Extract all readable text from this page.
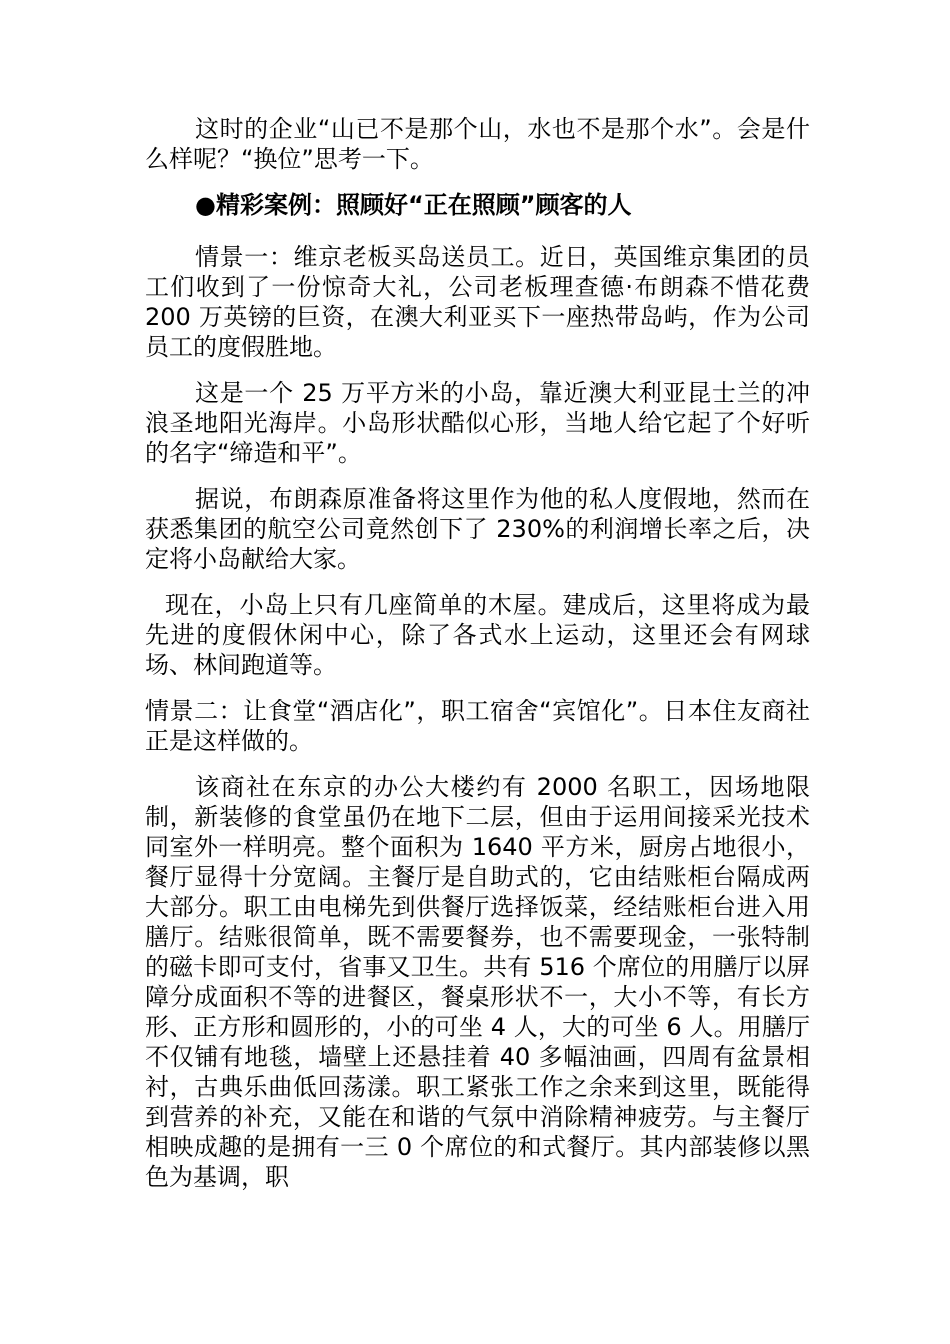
这时的企业“山已不是那个山，水也不是那个水”。会是什么样呢？“换位”思考一下。

●精彩案例：照顾好“正在照顾”顾客的人

情景一：维京老板买岛送员工。近日，英国维京集团的员工们收到了一份惊奇大礼，公司老板理查德·布朗森不惜花费 200 万英镑的巨资，在澳大利亚买下一座热带岛屿，作为公司员工的度假胜地。

这是一个 25 万平方米的小岛，靠近澳大利亚昆士兰的冲浪圣地阳光海岸。小岛形状酷似心形，当地人给它起了个好听的名字“缔造和平”。

据说，布朗森原准备将这里作为他的私人度假地，然而在获悉集团的航空公司竟然创下了 230%的利润增长率之后，决定将小岛献给大家。

现在，小岛上只有几座简单的木屋。建成后，这里将成为最先进的度假休闲中心，除了各式水上运动，这里还会有网球场、林间跑道等。

情景二：让食堂“酒店化”，职工宿舍“宾馆化”。日本住友商社正是这样做的。

该商社在东京的办公大楼约有 2000 名职工，因场地限制，新装修的食堂虽仍在地下二层，但由于运用间接采光技术同室外一样明亮。整个面积为 1640 平方米，厨房占地很小，餐厅显得十分宽阔。主餐厅是自助式的，它由结账柜台隔成两大部分。职工由电梯先到供餐厅选择饭菜，经结账柜台进入用膳厅。结账很简单，既不需要餐券，也不需要现金，一张特制的磁卡即可支付，省事又卫生。共有 516 个席位的用膳厅以屏障分成面积不等的进餐区，餐桌形状不一，大小不等，有长方形、正方形和圆形的，小的可坐 4 人，大的可坐 6 人。用膳厅不仅铺有地毯，墙壁上还悬挂着 40 多幅油画，四周有盆景相衬，古典乐曲低回荡漾。职工紧张工作之余来到这里，既能得到营养的补充，又能在和谐的气氛中消除精神疲劳。与主餐厅相映成趣的是拥有一三 0 个席位的和式餐厅。其内部装修以黑色为基调，职
